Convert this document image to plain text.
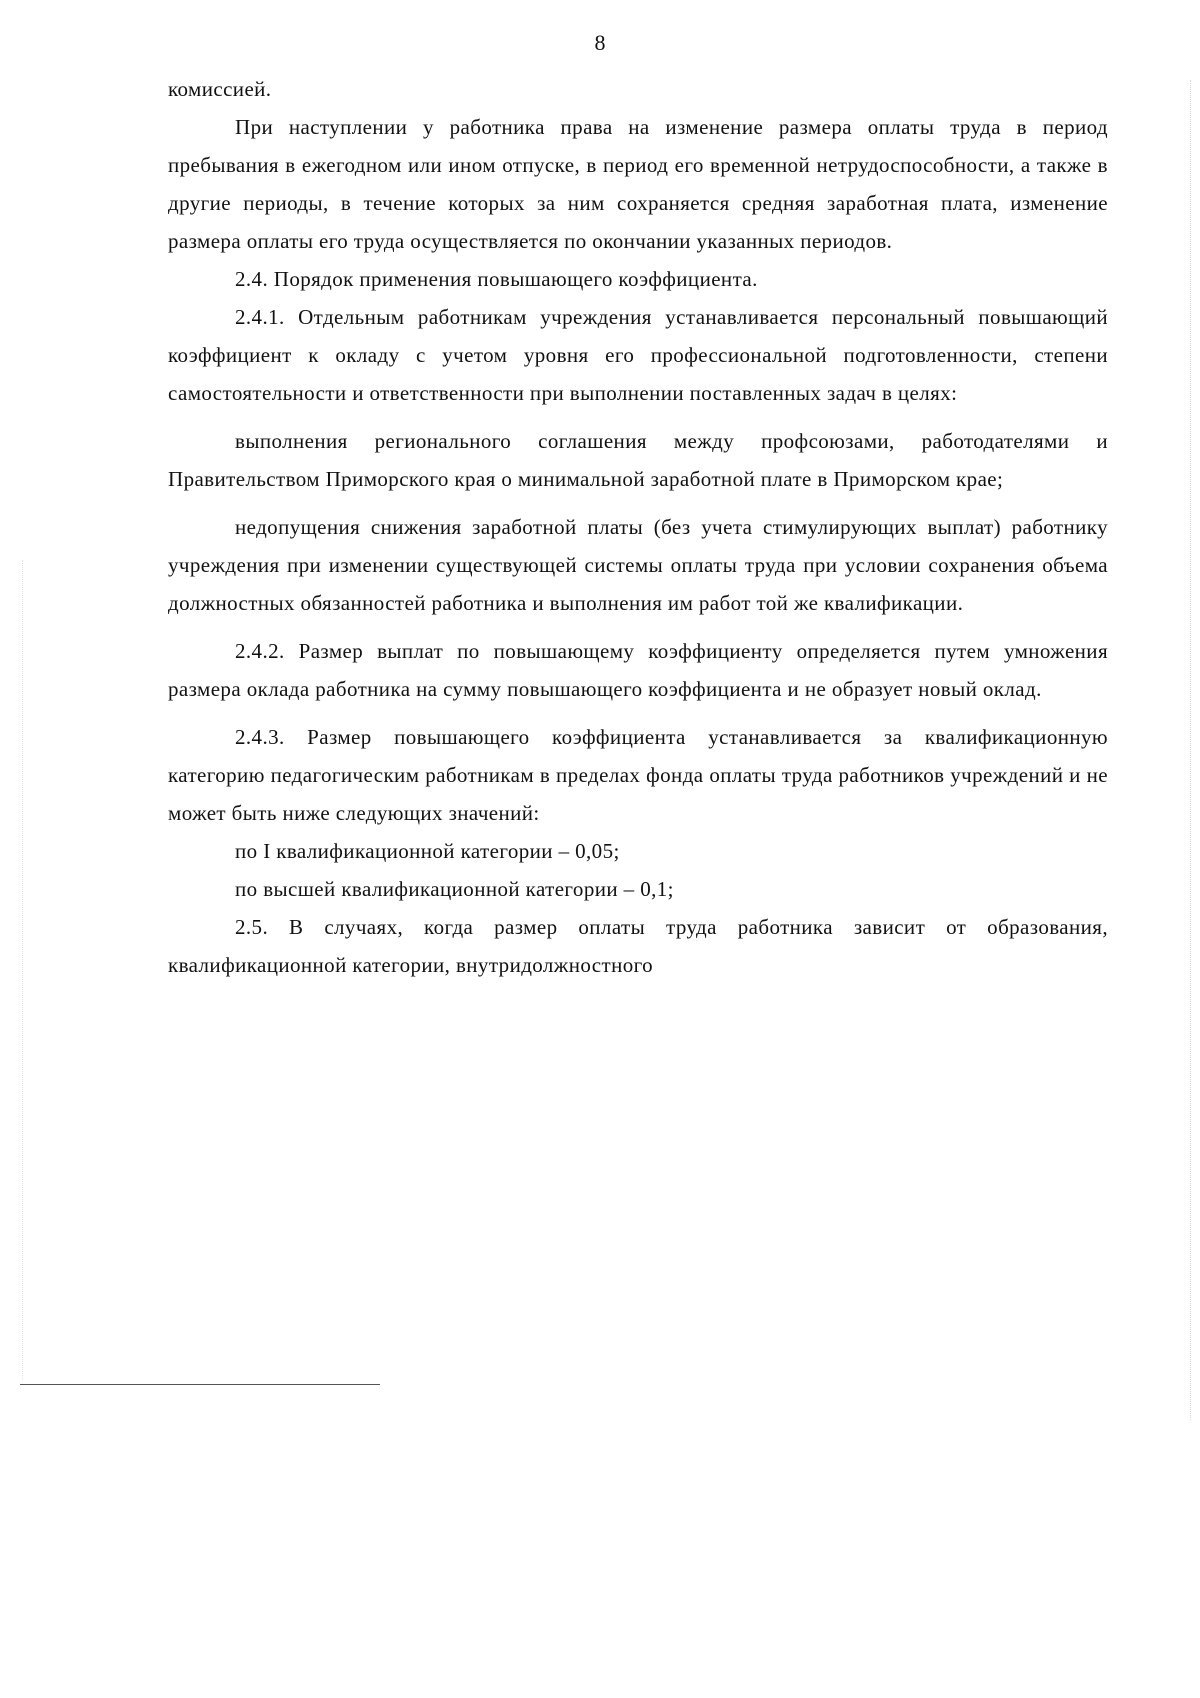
8

комиссией.

При наступлении у работника права на изменение размера оплаты труда в период пребывания в ежегодном или ином отпуске, в период его временной нетрудоспособности, а также в другие периоды, в течение которых за ним сохраняется средняя заработная плата, изменение размера оплаты его труда осуществляется по окончании указанных периодов.

2.4. Порядок применения повышающего коэффициента.

2.4.1. Отдельным работникам учреждения устанавливается персональный повышающий коэффициент к окладу с учетом уровня его профессиональной подготовленности, степени самостоятельности и ответственности при выполнении поставленных задач в целях:

выполнения регионального соглашения между профсоюзами, работодателями и Правительством Приморского края о минимальной заработной плате в Приморском крае;

недопущения снижения заработной платы (без учета стимулирующих выплат) работнику учреждения при изменении существующей системы оплаты труда при условии сохранения объема должностных обязанностей работника и выполнения им работ той же квалификации.

2.4.2. Размер выплат по повышающему коэффициенту определяется путем умножения размера оклада работника на сумму повышающего коэффициента и не образует новый оклад.

2.4.3. Размер повышающего коэффициента устанавливается за квалификационную категорию педагогическим работникам в пределах фонда оплаты труда работников учреждений и не может быть ниже следующих значений:

по I квалификационной категории – 0,05;

по высшей квалификационной категории – 0,1;

2.5. В случаях, когда размер оплаты труда работника зависит от образования, квалификационной категории, внутридолжностного
